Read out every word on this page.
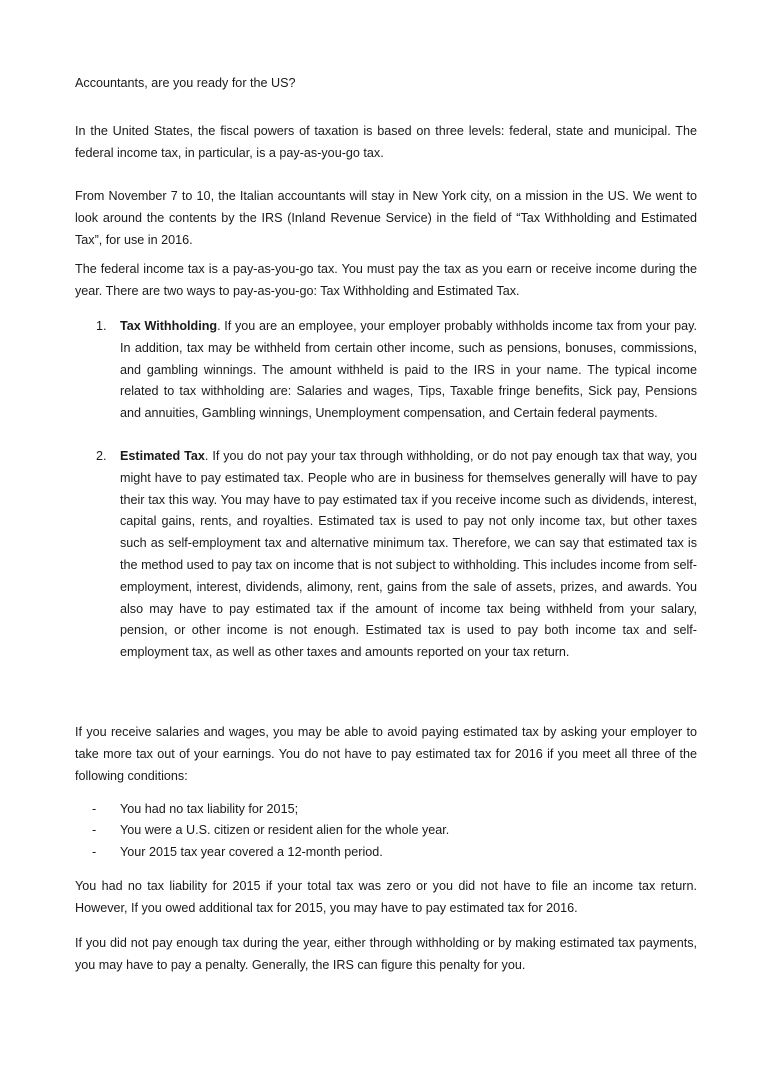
Accountants, are you ready for the US?
In the United States, the fiscal powers of taxation is based on three levels: federal, state and municipal. The federal income tax, in particular, is a pay-as-you-go tax.
From November 7 to 10, the Italian accountants will stay in New York city, on a mission in the US. We went to look around the contents by the IRS (Inland Revenue Service) in the field of “Tax Withholding and Estimated Tax”, for use in 2016.
The federal income tax is a pay-as-you-go tax. You must pay the tax as you earn or receive income during the year. There are two ways to pay-as-you-go: Tax Withholding and Estimated Tax.
1. Tax Withholding. If you are an employee, your employer probably withholds income tax from your pay. In addition, tax may be withheld from certain other income, such as pensions, bonuses, commissions, and gambling winnings. The amount withheld is paid to the IRS in your name. The typical income related to tax withholding are: Salaries and wages, Tips, Taxable fringe benefits, Sick pay, Pensions and annuities, Gambling winnings, Unemployment compensation, and Certain federal payments.
2. Estimated Tax. If you do not pay your tax through withholding, or do not pay enough tax that way, you might have to pay estimated tax. People who are in business for themselves generally will have to pay their tax this way. You may have to pay estimated tax if you receive income such as dividends, interest, capital gains, rents, and royalties. Estimated tax is used to pay not only income tax, but other taxes such as self-employment tax and alternative minimum tax. Therefore, we can say that estimated tax is the method used to pay tax on income that is not subject to withholding. This includes income from self-employment, interest, dividends, alimony, rent, gains from the sale of assets, prizes, and awards. You also may have to pay estimated tax if the amount of income tax being withheld from your salary, pension, or other income is not enough. Estimated tax is used to pay both income tax and self-employment tax, as well as other taxes and amounts reported on your tax return.
If you receive salaries and wages, you may be able to avoid paying estimated tax by asking your employer to take more tax out of your earnings. You do not have to pay estimated tax for 2016 if you meet all three of the following conditions:
- You had no tax liability for 2015;
- You were a U.S. citizen or resident alien for the whole year.
- Your 2015 tax year covered a 12-month period.
You had no tax liability for 2015 if your total tax was zero or you did not have to file an income tax return. However, If you owed additional tax for 2015, you may have to pay estimated tax for 2016.
If you did not pay enough tax during the year, either through withholding or by making estimated tax payments, you may have to pay a penalty. Generally, the IRS can figure this penalty for you.
